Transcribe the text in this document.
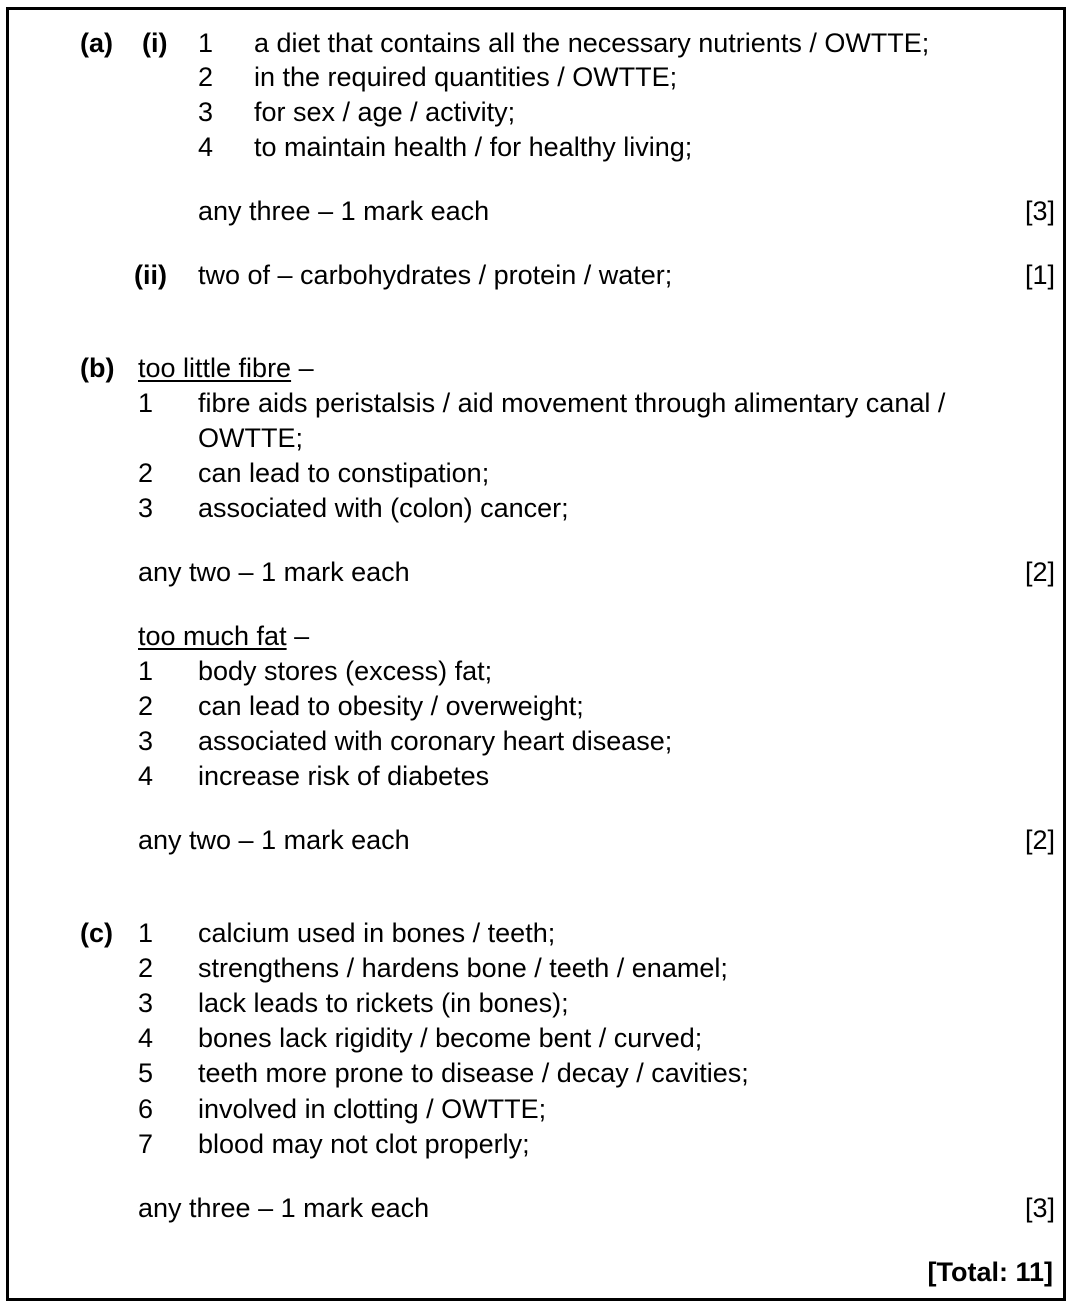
(a) (i) 1 a diet that contains all the necessary nutrients / OWTTE;
2 in the required quantities / OWTTE;
3 for sex / age / activity;
4 to maintain health / for healthy living;
any three – 1 mark each	[3]
(ii) two of – carbohydrates / protein / water;	[1]
(b) too little fibre –
1 fibre aids peristalsis / aid movement through alimentary canal /
OWTTE;
2 can lead to constipation;
3 associated with (colon) cancer;
any two – 1 mark each	[2]
too much fat –
1 body stores (excess) fat;
2 can lead to obesity / overweight;
3 associated with coronary heart disease;
4 increase risk of diabetes
any two – 1 mark each	[2]
(c) 1 calcium used in bones / teeth;
2 strengthens / hardens bone / teeth / enamel;
3 lack leads to rickets (in bones);
4 bones lack rigidity / become bent / curved;
5 teeth more prone to disease / decay / cavities;
6 involved in clotting / OWTTE;
7 blood may not clot properly;
any three – 1 mark each	[3]
[Total: 11]
